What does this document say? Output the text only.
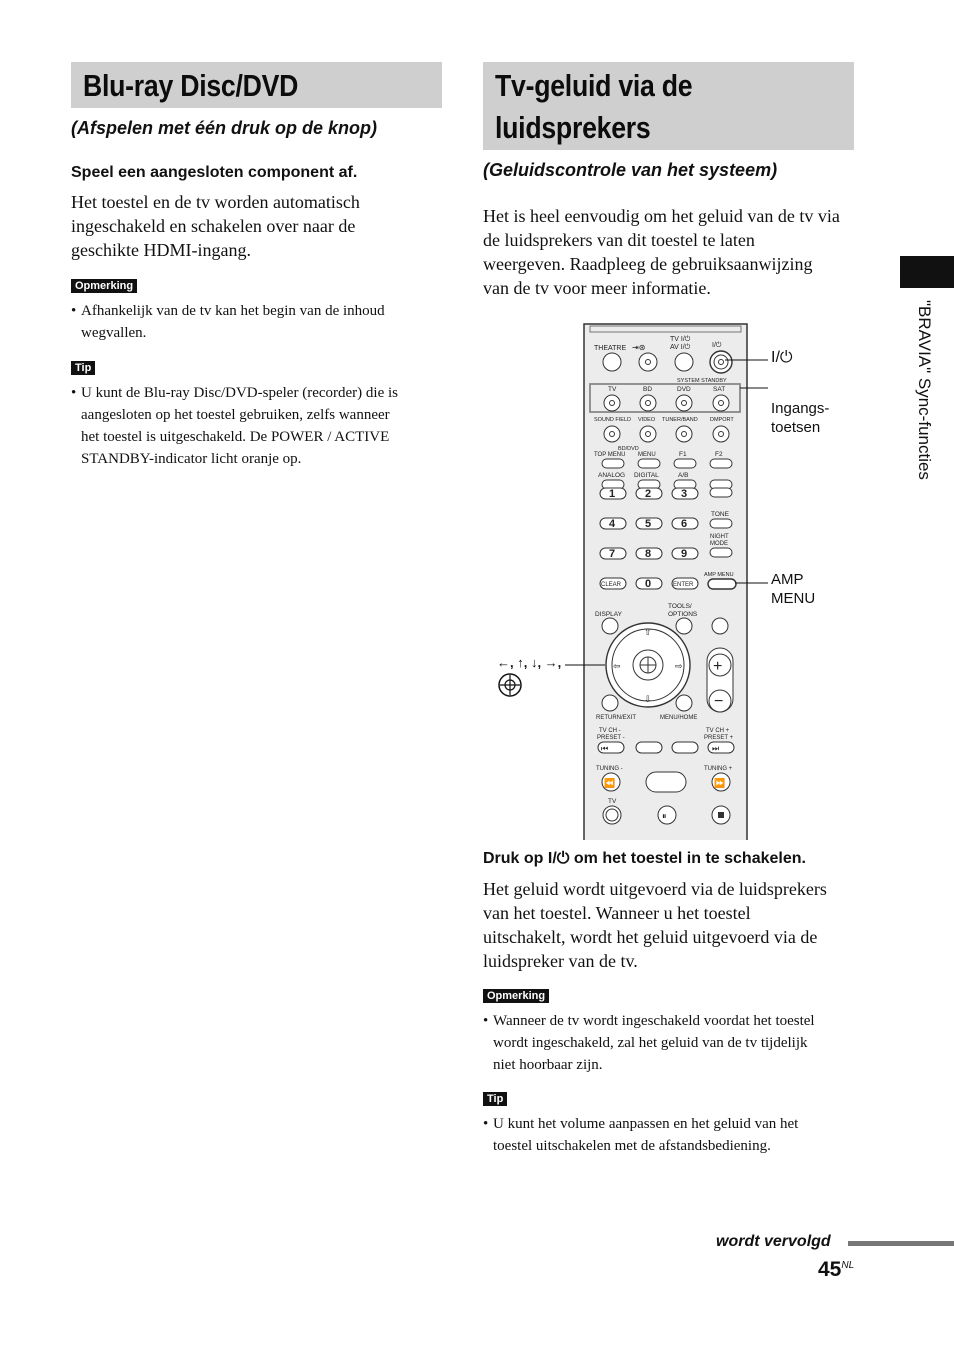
Blu-ray Disc/DVD
(Afspelen met één druk op de knop)
Speel een aangesloten component af.
Het toestel en de tv worden automatisch
ingeschakeld en schakelen over naar de
geschikte HDMI-ingang.
Opmerking
• Afhankelijk van de tv kan het begin van de inhoud
wegvallen.
Tip
• U kunt de Blu-ray Disc/DVD-speler (recorder) die is
aangesloten op het toestel gebruiken, zelfs wanneer
het toestel is uitgeschakeld. De POWER / ACTIVE
STANDBY-indicator licht oranje op.
Tv-geluid via de
luidsprekers
(Geluidscontrole van het systeem)
Het is heel eenvoudig om het geluid van de tv via
de luidsprekers van dit toestel te laten
weergeven. Raadpleeg de gebruiksaanwijzing
van de tv voor meer informatie.
THEATRE
TV I/⏻
AV I/⏻	I/⏻
⇥⊛
SYSTEM STANDBY
TV	BD	DVD	SAT
SOUND FIELD VIDEO TUNER/BAND DMPORT
BD/DVD
TOP MENU MENU	F1	F2
ANALOG DIGITAL	A/B
1	2	3
4	5	6
7	8	9
0
TONE
NIGHT
MODE
AMP MENU
CLEAR	ENTER
DISPLAY
TOOLS/
OPTIONS
⇧
⇩
⇦	⇨ +
−
RETURN/EXIT	MENU/HOME
TV CH -
PRESET -
TV CH +
PRESET +
⏮	⏭
TUNING -	TUNING +
⏪	⏩
TV
⏸
I/⏻
Ingangs-
toetsen
AMP
MENU
←, ↑, ↓, →,
Druk op I/⏻ om het toestel in te schakelen.
Het geluid wordt uitgevoerd via de luidsprekers
van het toestel. Wanneer u het toestel
uitschakelt, wordt het geluid uitgevoerd via de
luidspreker van de tv.
Opmerking
• Wanneer de tv wordt ingeschakeld voordat het toestel
wordt ingeschakeld, zal het geluid van de tv tijdelijk
niet hoorbaar zijn.
Tip
• U kunt het volume aanpassen en het geluid van het
toestel uitschakelen met de afstandsbediening.
"BRAVIA" Sync-functies
wordt vervolgd
$45^{NL}$
